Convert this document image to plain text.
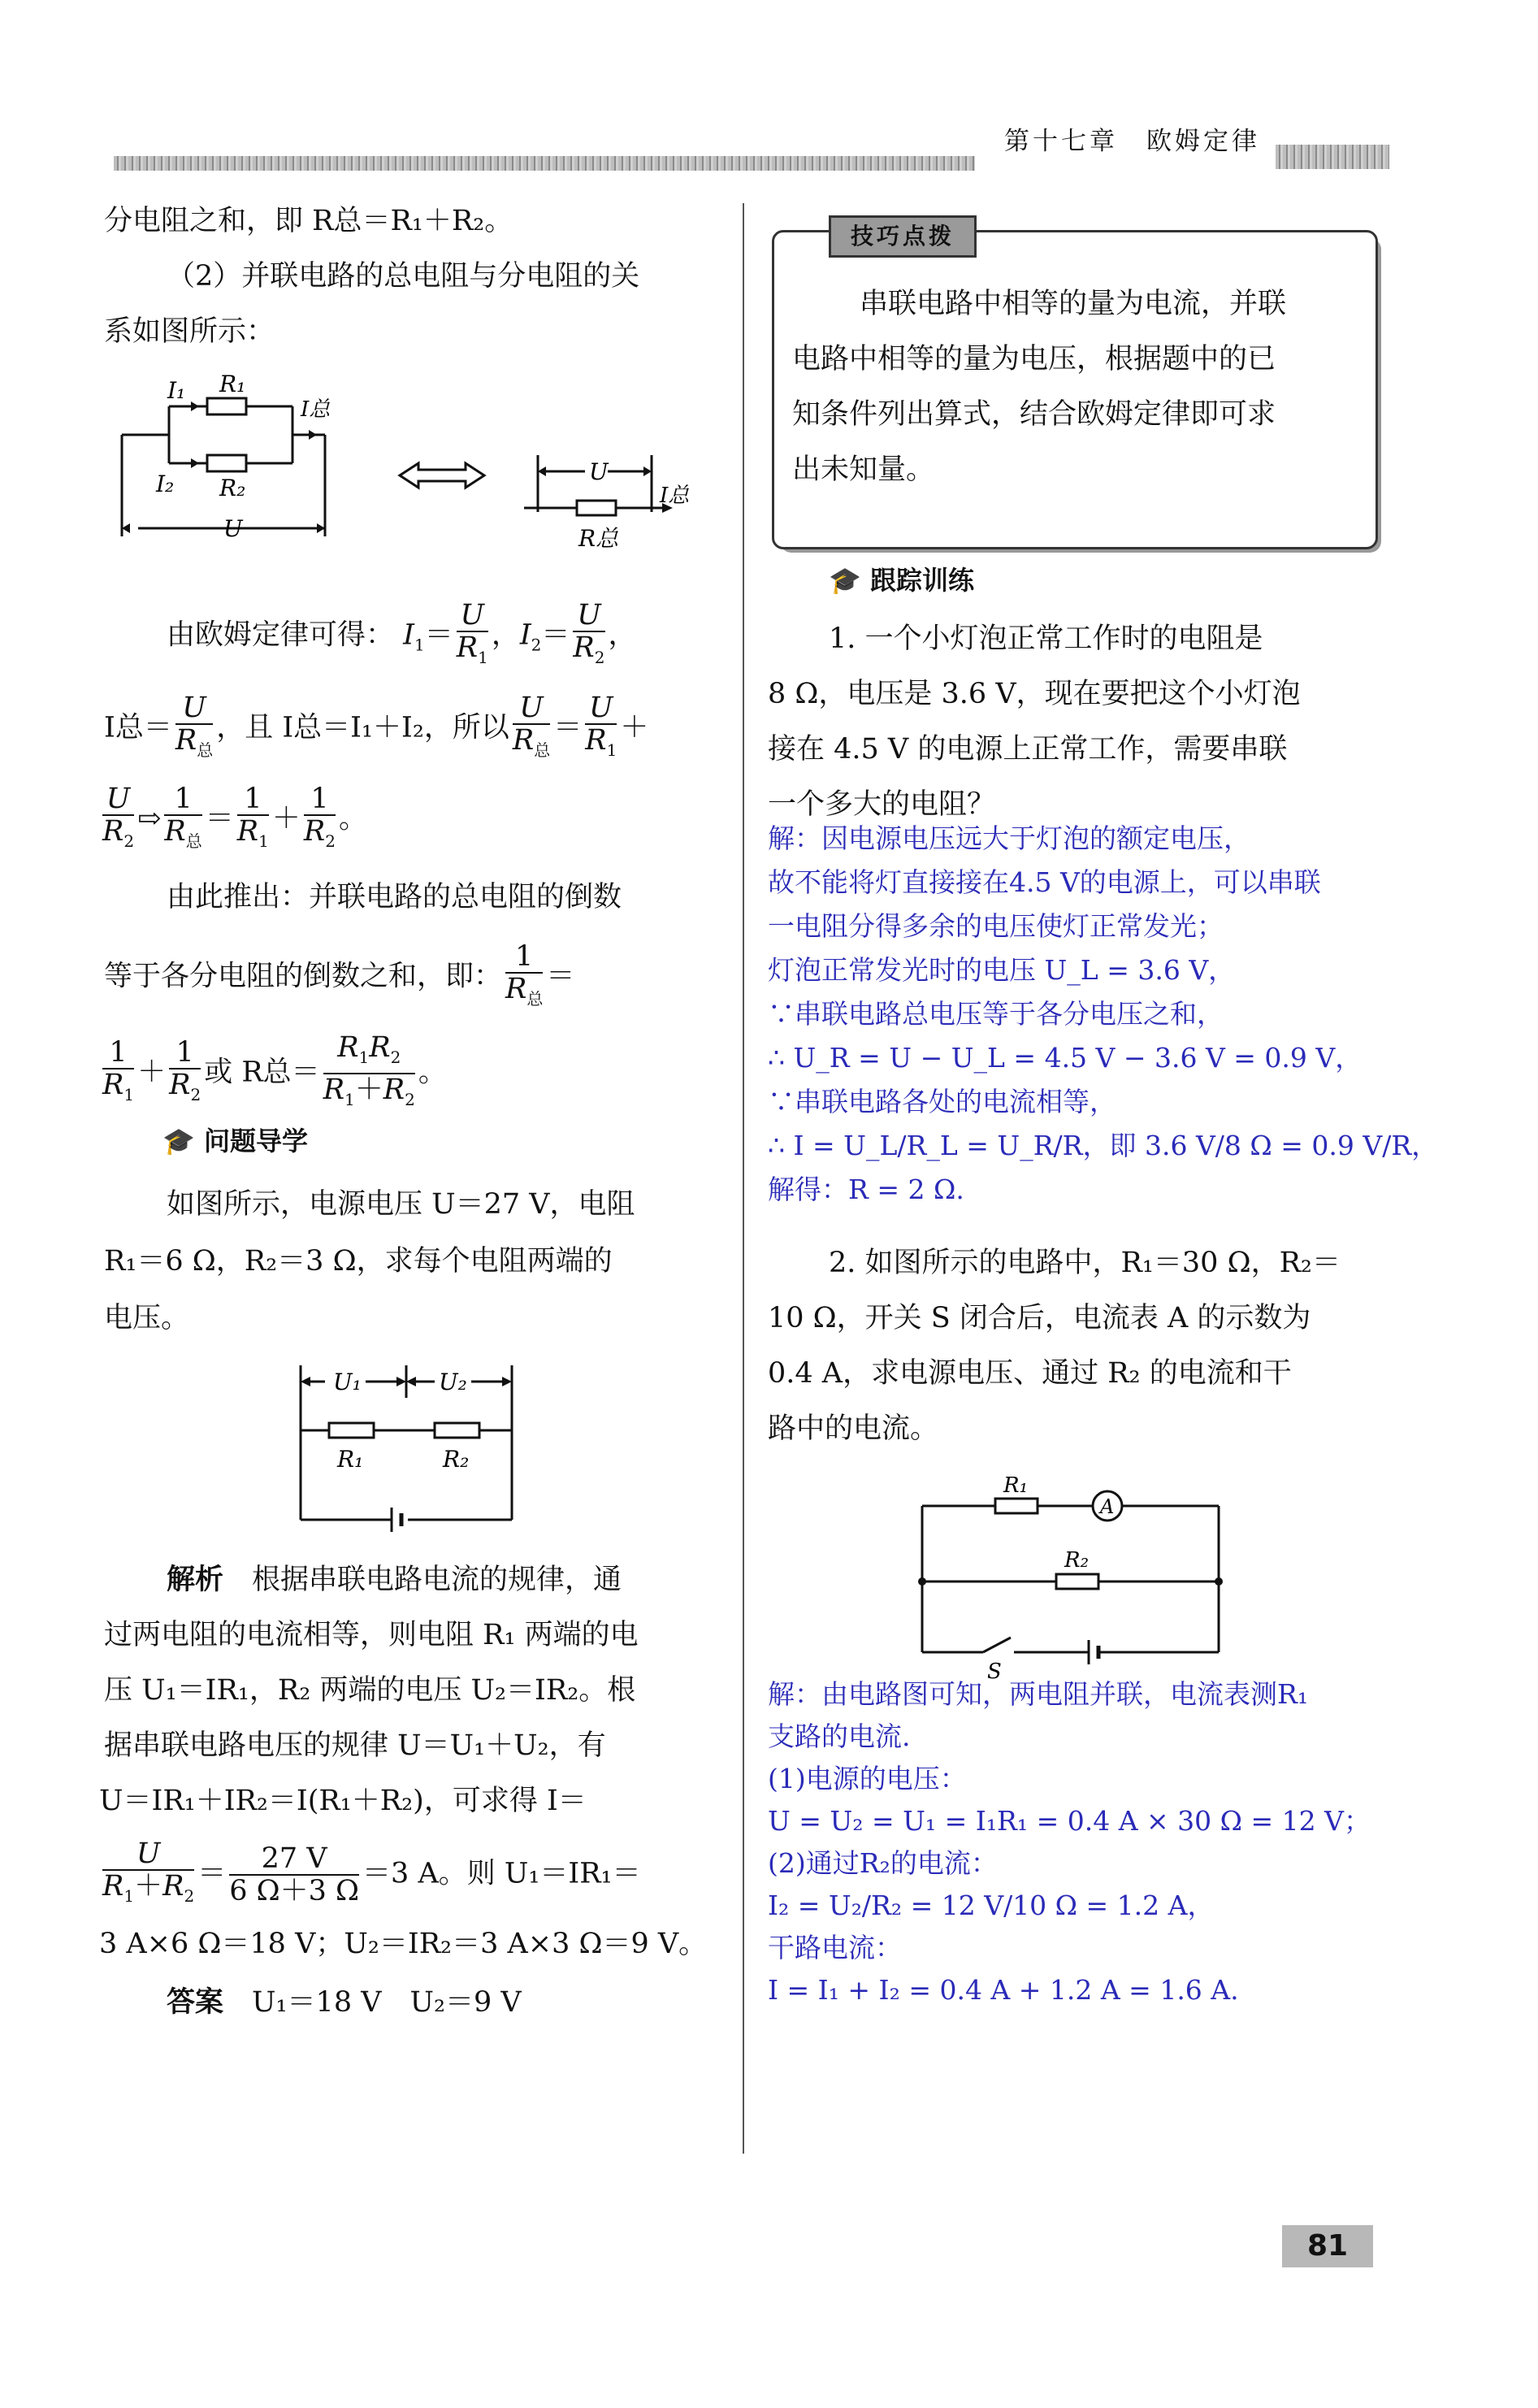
第十七章　欧姆定律
分电阻之和，即 R总＝R₁＋R₂。
（2）并联电路的总电阻与分电阻的关
系如图所示：
I₁ R₁
I总
I₂ R₂
U
U
I总
R总
由欧姆定律可得： $I_1= \frac{U}{R_1}$ ，$I_2= \frac{U}{R_2}$ ，
I总＝ $\frac{U}{R_总}$ ，且 I总＝I₁＋I₂，所以 $\frac{U}{R_总} = \frac{U}{R_1}$ ＋
$\frac{U}{R_2}$ ⇨ $\frac{1}{R_总} = \frac{1}{R_1} + \frac{1}{R_2}$ 。
由此推出：并联电路的总电阻的倒数
等于各分电阻的倒数之和，即： $\frac{1}{R_总}$ ＝
$\frac{1}{R_1} + \frac{1}{R_2}$ 或 R总＝ $\frac{R_1R_2}{R_1+R_2}$ 。
🎓 问题导学
如图所示，电源电压 U＝27 V，电阻
R₁＝6 Ω，R₂＝3 Ω，求每个电阻两端的
电压。
U₁	U₂
R₁	R₂
解析　 根据串联电路电流的规律，通
过两电阻的电流相等，则电阻 R₁ 两端的电
压 U₁＝IR₁，R₂ 两端的电压 U₂＝IR₂。根
据串联电路电压的规律 U＝U₁＋U₂，有
U＝IR₁＋IR₂＝I(R₁＋R₂)，可求得 I＝
$\frac{U}{R_1+R_2} = \frac{27 V}{6 \Omega+3 \Omega} =3$ A。则 U₁＝IR₁＝
3 A×6 Ω＝18 V；U₂＝IR₂＝3 A×3 Ω＝9 V。
答案　 U₁＝18 V　U₂＝9 V
技巧点拨
串联电路中相等的量为电流，并联
电路中相等的量为电压，根据题中的已
知条件列出算式，结合欧姆定律即可求
出未知量。
🎓 跟踪训练
1. 一个小灯泡正常工作时的电阻是
8 Ω，电压是 3.6 V，现在要把这个小灯泡
接在 4.5 V 的电源上正常工作，需要串联
一个多大的电阻？
解：因电源电压远大于灯泡的额定电压，
故不能将灯直接接在4.5 V的电源上，可以串联
一电阻分得多余的电压使灯正常发光；
灯泡正常发光时的电压 U_L = 3.6 V，
∵串联电路总电压等于各分电压之和，
∴ U_R = U − U_L = 4.5 V − 3.6 V = 0.9 V，
∵串联电路各处的电流相等，
∴ I = U_L/R_L = U_R/R，即 3.6 V/8 Ω = 0.9 V/R，
解得：R = 2 Ω.
2. 如图所示的电路中，R₁＝30 Ω，R₂＝
10 Ω，开关 S 闭合后，电流表 A 的示数为
0.4 A，求电源电压、通过 R₂ 的电流和干
路中的电流。
R₁
A
R₂
S
解：由电路图可知，两电阻并联，电流表测R₁
支路的电流.
(1)电源的电压：
U = U₂ = U₁ = I₁R₁ = 0.4 A × 30 Ω = 12 V；
(2)通过R₂的电流：
I₂ = U₂/R₂ = 12 V/10 Ω = 1.2 A，
干路电流：
I = I₁ + I₂ = 0.4 A + 1.2 A = 1.6 A.
81
